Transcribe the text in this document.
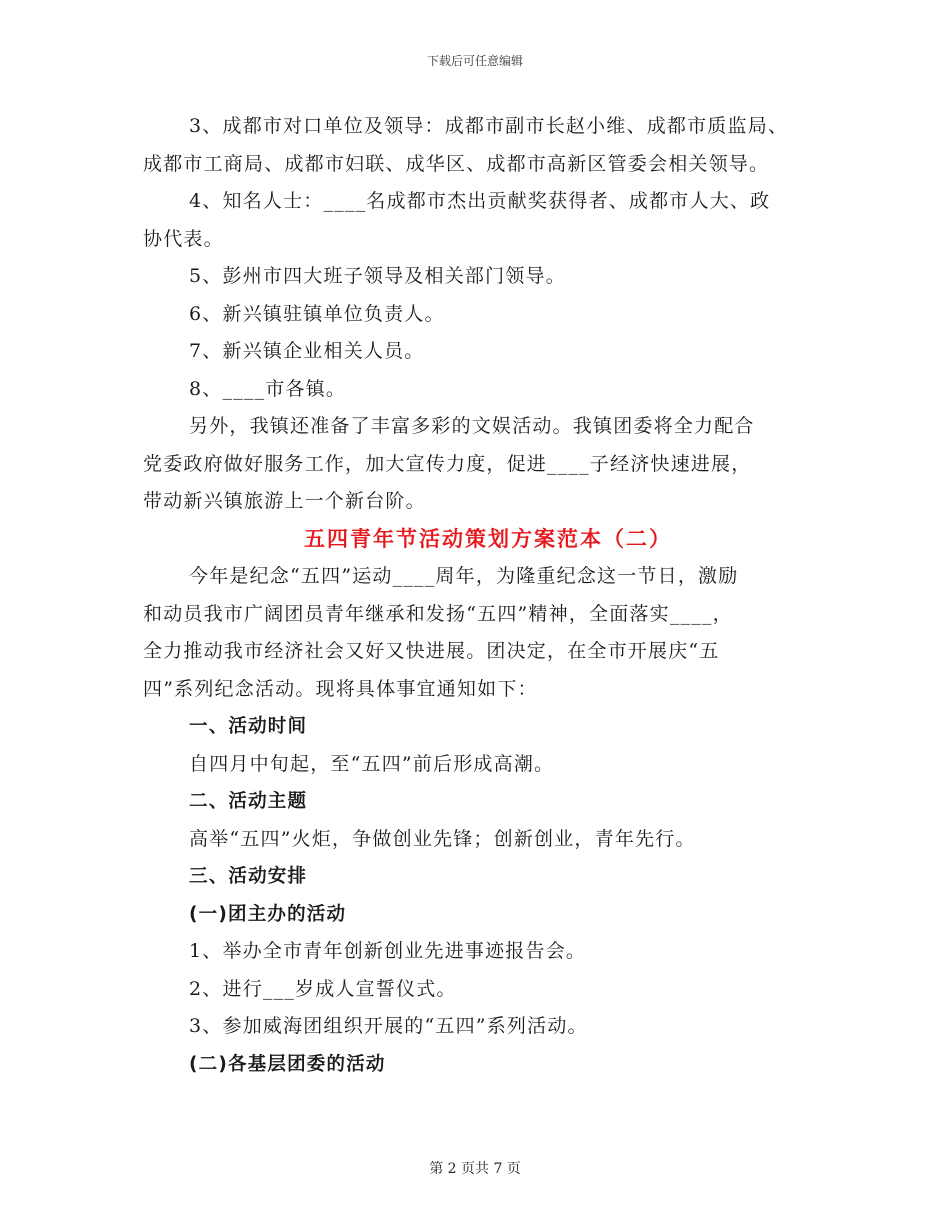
下载后可任意编辑
3、成都市对口单位及领导：成都市副市长赵小维、成都市质监局、
成都市工商局、成都市妇联、成华区、成都市高新区管委会相关领导。
4、知名人士：____名成都市杰出贡献奖获得者、成都市人大、政
协代表。
5、彭州市四大班子领导及相关部门领导。
6、新兴镇驻镇单位负责人。
7、新兴镇企业相关人员。
8、____市各镇。
另外，我镇还准备了丰富多彩的文娱活动。我镇团委将全力配合
党委政府做好服务工作，加大宣传力度，促进____子经济快速进展，
带动新兴镇旅游上一个新台阶。
五四青年节活动策划方案范本（二）
今年是纪念“五四”运动____周年，为隆重纪念这一节日，激励
和动员我市广阔团员青年继承和发扬“五四”精神，全面落实____，
全力推动我市经济社会又好又快进展。团决定，在全市开展庆“五
四”系列纪念活动。现将具体事宜通知如下：
一、活动时间
自四月中旬起，至“五四”前后形成高潮。
二、活动主题
高举“五四”火炬，争做创业先锋；创新创业，青年先行。
三、活动安排
(一)团主办的活动
1、举办全市青年创新创业先进事迹报告会。
2、进行___岁成人宣誓仪式。
3、参加威海团组织开展的“五四”系列活动。
(二)各基层团委的活动
第 2 页共 7 页
